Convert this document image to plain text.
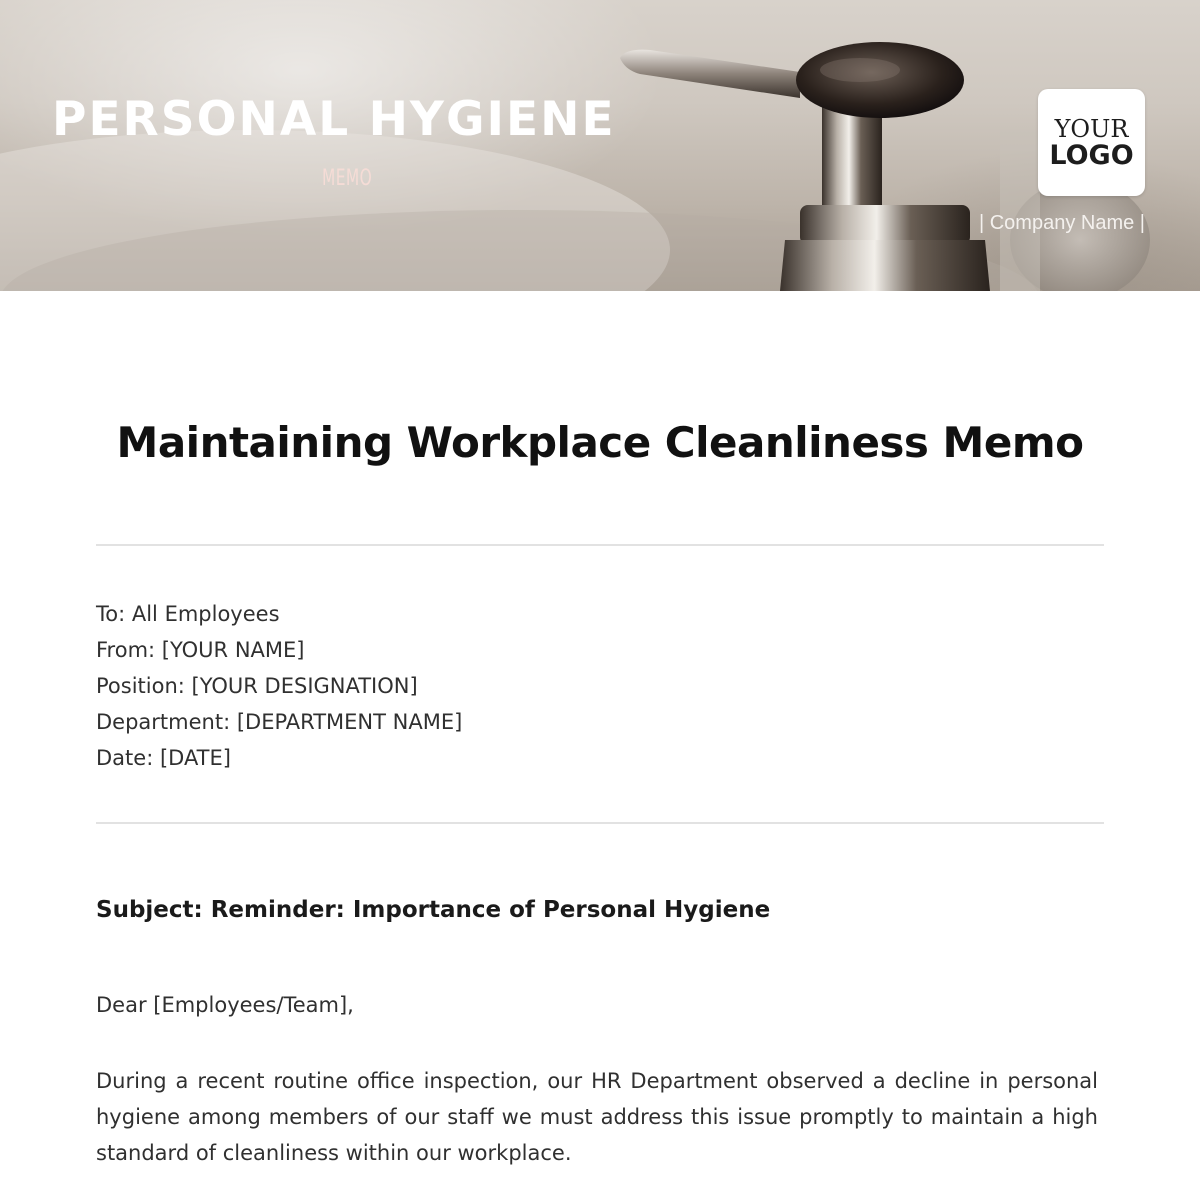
PERSONAL HYGIENE
MEMO
YOUR
LOGO
| Company Name |
Maintaining Workplace Cleanliness Memo
To: All Employees
From: [YOUR NAME]
Position: [YOUR DESIGNATION]
Department: [DEPARTMENT NAME]
Date: [DATE]
Subject: Reminder: Importance of Personal Hygiene
Dear [Employees/Team],
During a recent routine office inspection, our HR Department observed a decline in personal hygiene among members of our staff we must address this issue promptly to maintain a high standard of cleanliness within our workplace.
